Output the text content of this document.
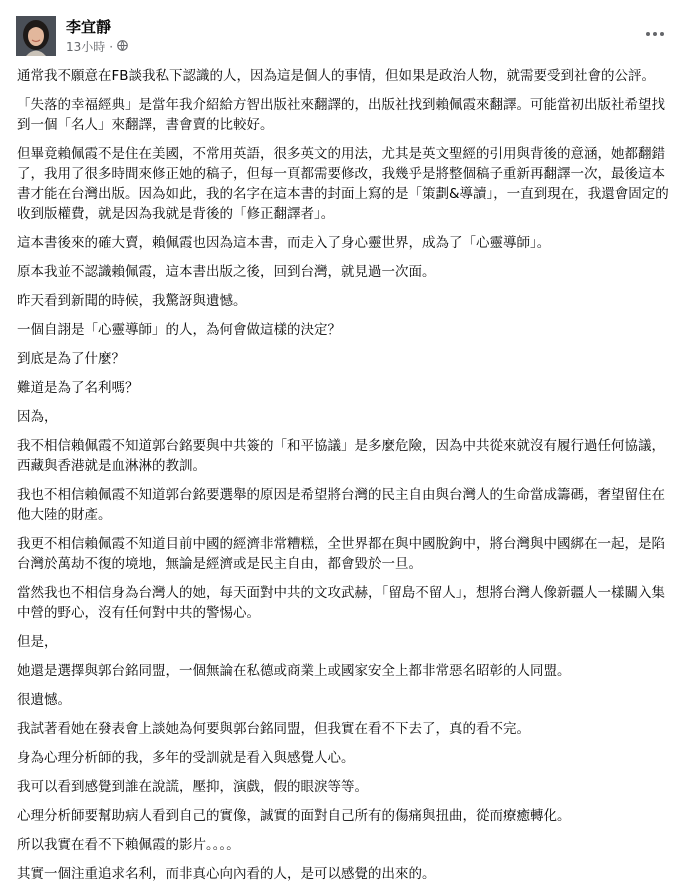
李宜靜
13小時 ·

通常我不願意在FB談我私下認識的人，因為這是個人的事情，但如果是政治人物，就需要受到社會的公評。

「失落的幸福經典」是當年我介紹給方智出版社來翻譯的，出版社找到賴佩霞來翻譯。可能當初出版社希望找到一個「名人」來翻譯，書會賣的比較好。

但畢竟賴佩霞不是住在美國，不常用英語，很多英文的用法，尤其是英文聖經的引用與背後的意涵，她都翻錯了，我用了很多時間來修正她的稿子，但每一頁都需要修改，我幾乎是將整個稿子重新再翻譯一次，最後這本書才能在台灣出版。因為如此，我的名字在這本書的封面上寫的是「策劃&導讀」，一直到現在，我還會固定的收到版權費，就是因為我就是背後的「修正翻譯者」。

這本書後來的確大賣，賴佩霞也因為這本書，而走入了身心靈世界，成為了「心靈導師」。

原本我並不認識賴佩霞，這本書出版之後，回到台灣，就見過一次面。

昨天看到新聞的時候，我驚訝與遺憾。

一個自詡是「心靈導師」的人，為何會做這樣的決定？

到底是為了什麼？

難道是為了名利嗎？

因為，

我不相信賴佩霞不知道郭台銘要與中共簽的「和平協議」是多麼危險，因為中共從來就沒有履行過任何協議，西藏與香港就是血淋淋的教訓。

我也不相信賴佩霞不知道郭台銘要選舉的原因是希望將台灣的民主自由與台灣人的生命當成籌碼，奢望留住在他大陸的財產。

我更不相信賴佩霞不知道目前中國的經濟非常糟糕，全世界都在與中國脫鉤中，將台灣與中國綁在一起，是陷台灣於萬劫不復的境地，無論是經濟或是民主自由，都會毀於一旦。

當然我也不相信身為台灣人的她，每天面對中共的文攻武赫，「留島不留人」，想將台灣人像新疆人一樣關入集中營的野心，沒有任何對中共的警惕心。

但是，

她還是選擇與郭台銘同盟，一個無論在私德或商業上或國家安全上都非常惡名昭彰的人同盟。

很遺憾。

我試著看她在發表會上談她為何要與郭台銘同盟，但我實在看不下去了，真的看不完。

身為心理分析師的我，多年的受訓就是看入與感覺人心。

我可以看到感覺到誰在說謊，壓抑，演戲，假的眼淚等等。

心理分析師要幫助病人看到自己的實像，誠實的面對自己所有的傷痛與扭曲，從而療癒轉化。

所以我實在看不下賴佩霞的影片。。。。

其實一個注重追求名利，而非真心向內看的人，是可以感覺的出來的。
